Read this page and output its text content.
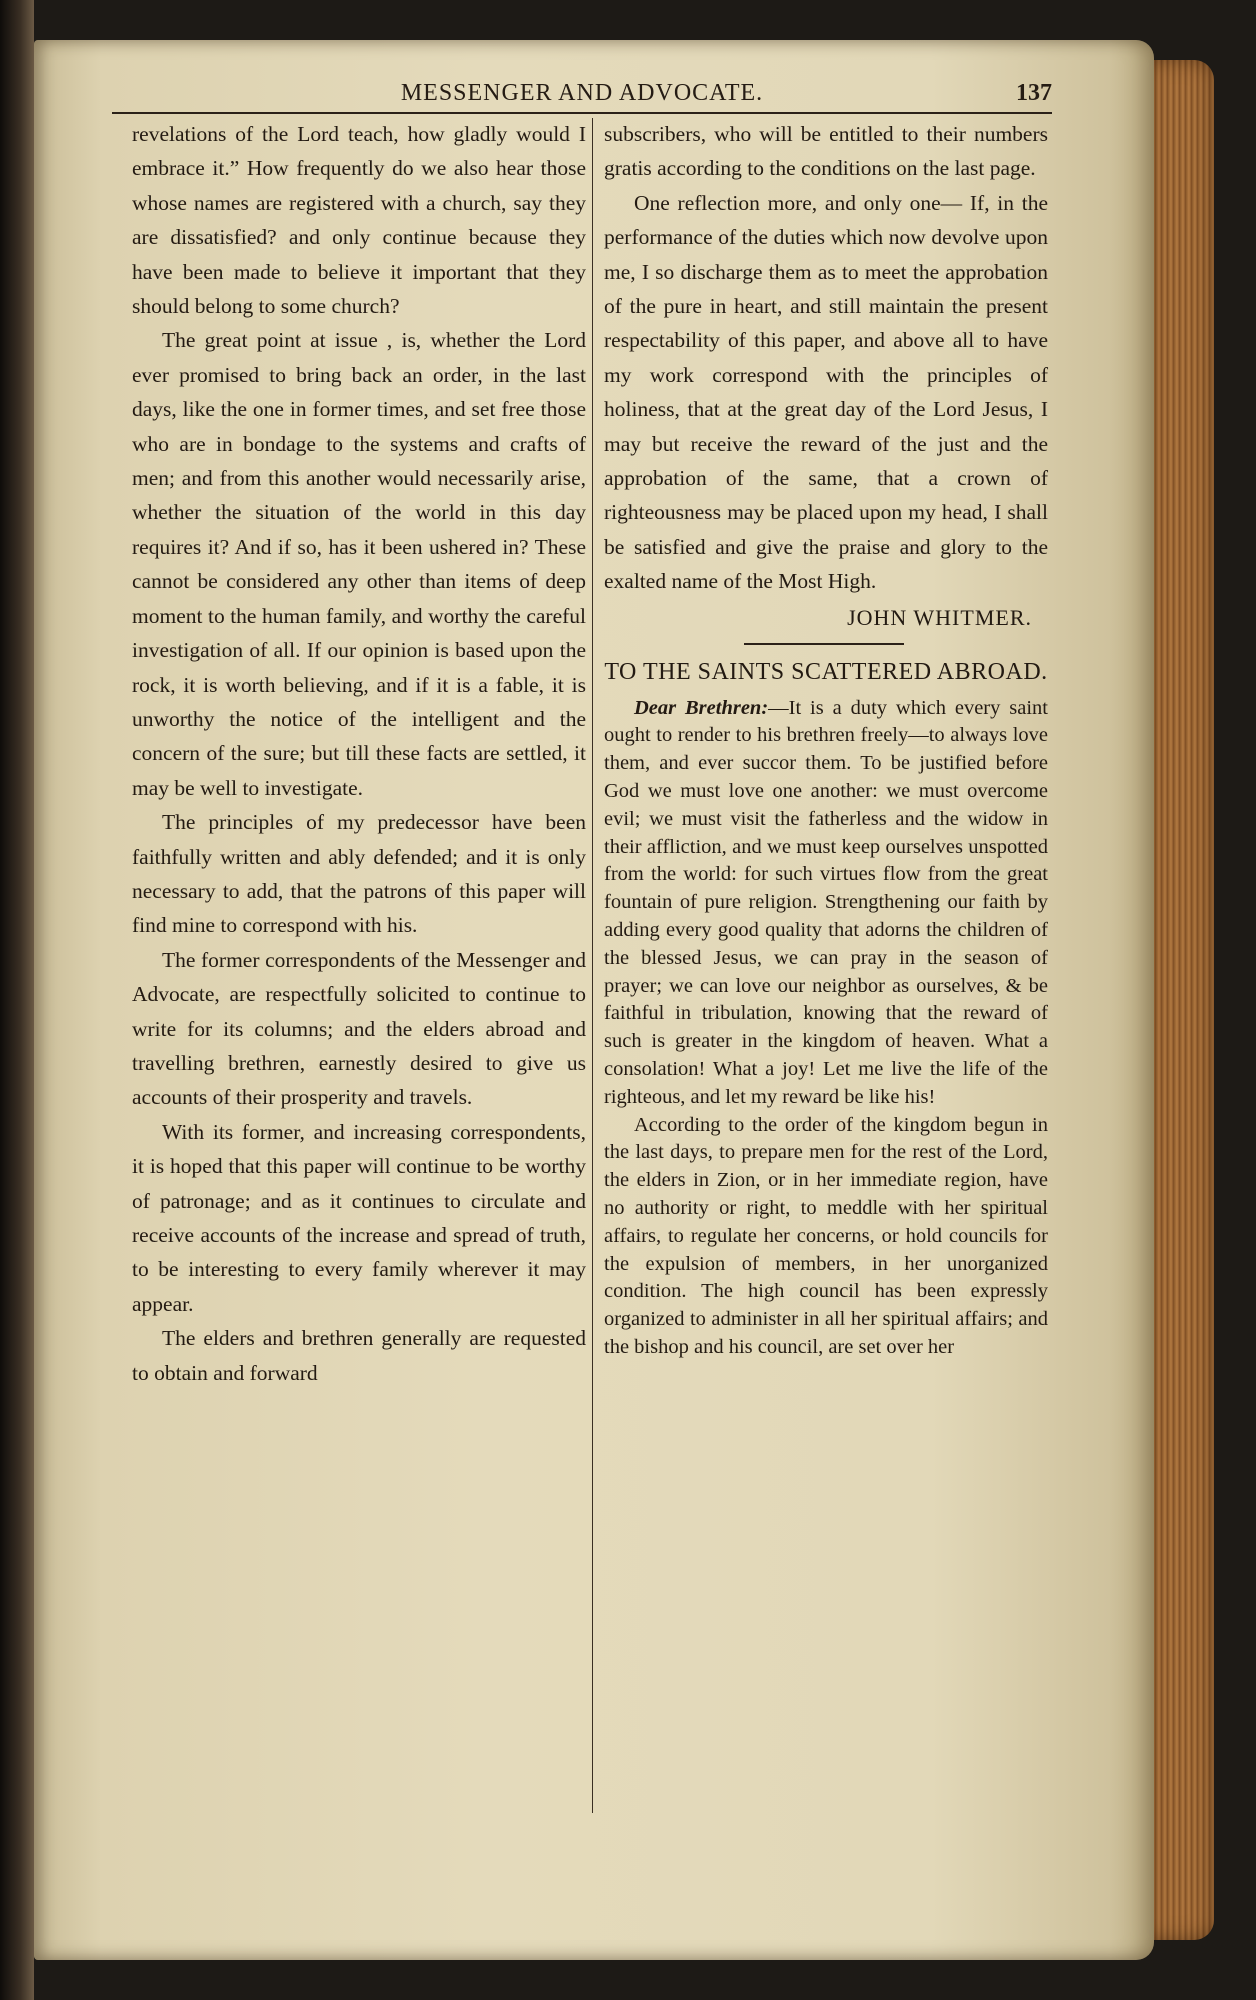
MESSENGER AND ADVOCATE.	137

revelations of the Lord teach, how gladly would I embrace it.” How frequently do we also hear those whose names are registered with a church, say they are dissatisfied? and only continue because they have been made to believe it important that they should belong to some church?

The great point at issue , is, whether the Lord ever promised to bring back an order, in the last days, like the one in former times, and set free those who are in bondage to the systems and crafts of men; and from this another would necessarily arise, whether the situation of the world in this day requires it? And if so, has it been ushered in? These cannot be considered any other than items of deep moment to the human family, and worthy the careful investigation of all. If our opinion is based upon the rock, it is worth believing, and if it is a fable, it is unworthy the notice of the intelligent and the concern of the sure; but till these facts are settled, it may be well to investigate.

The principles of my predecessor have been faithfully written and ably defended; and it is only necessary to add, that the patrons of this paper will find mine to correspond with his.

The former correspondents of the Messenger and Advocate, are respectfully solicited to continue to write for its columns; and the elders abroad and travelling brethren, earnestly desired to give us accounts of their prosperity and travels.

With its former, and increasing correspondents, it is hoped that this paper will continue to be worthy of patronage; and as it continues to circulate and receive accounts of the increase and spread of truth, to be interesting to every family wherever it may appear.

The elders and brethren generally are requested to obtain and forward

subscribers, who will be entitled to their numbers gratis according to the conditions on the last page.

One reflection more, and only one— If, in the performance of the duties which now devolve upon me, I so discharge them as to meet the approbation of the pure in heart, and still maintain the present respectability of this paper, and above all to have my work correspond with the principles of holiness, that at the great day of the Lord Jesus, I may but receive the reward of the just and the approbation of the same, that a crown of righteousness may be placed upon my head, I shall be satisfied and give the praise and glory to the exalted name of the Most High.

JOHN WHITMER.
TO THE SAINTS SCATTERED ABROAD.

Dear Brethren:—It is a duty which every saint ought to render to his brethren freely—to always love them, and ever succor them. To be justified before God we must love one another: we must overcome evil; we must visit the fatherless and the widow in their affliction, and we must keep ourselves unspotted from the world: for such virtues flow from the great fountain of pure religion. Strengthening our faith by adding every good quality that adorns the children of the blessed Jesus, we can pray in the season of prayer; we can love our neighbor as ourselves, & be faithful in tribulation, knowing that the reward of such is greater in the kingdom of heaven. What a consolation! What a joy! Let me live the life of the righteous, and let my reward be like his!

According to the order of the kingdom begun in the last days, to prepare men for the rest of the Lord, the elders in Zion, or in her immediate region, have no authority or right, to meddle with her spiritual affairs, to regulate her concerns, or hold councils for the expulsion of members, in her unorganized condition. The high council has been expressly organized to administer in all her spiritual affairs; and the bishop and his council, are set over her
